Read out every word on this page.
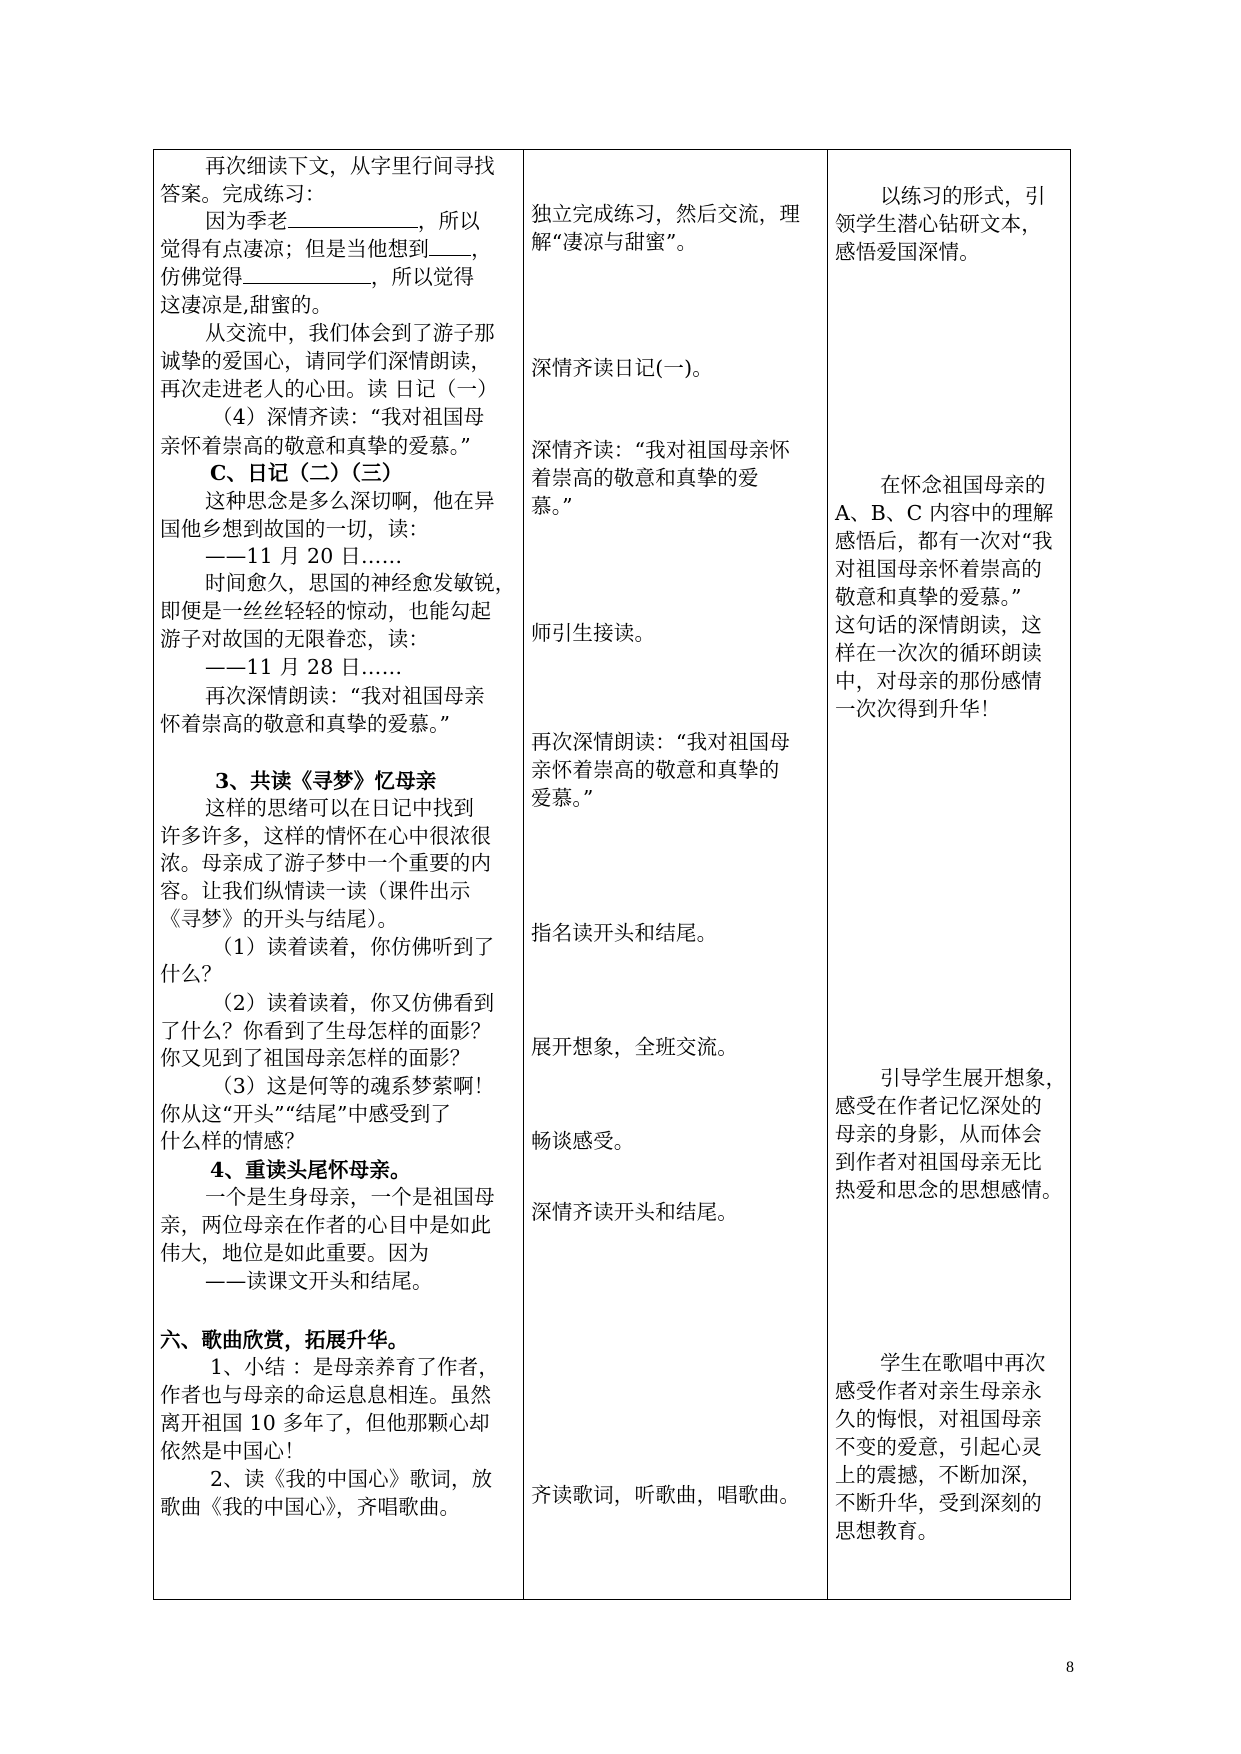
再次细读下文，从字里行间寻找
答案。完成练习：
因为季老	，所以
觉得有点凄凉；但是当他想到 ，
仿佛觉得	，所以觉得
这凄凉是,甜蜜的。
从交流中，我们体会到了游子那
诚挚的爱国心，请同学们深情朗读，
再次走进老人的心田。读 日记（一）
（4）深情齐读：“我对祖国母
亲怀着崇高的敬意和真挚的爱慕。”
C、日记（二）（三）
这种思念是多么深切啊，他在异
国他乡想到故国的一切，读：
——11 月 20 日……
时间愈久，思国的神经愈发敏锐，
即便是一丝丝轻轻的惊动，也能勾起
游子对故国的无限眷恋，读：
——11 月 28 日……
再次深情朗读：“我对祖国母亲
怀着崇高的敬意和真挚的爱慕。”
3、共读《寻梦》忆母亲
这样的思绪可以在日记中找到
许多许多，这样的情怀在心中很浓很
浓。母亲成了游子梦中一个重要的内
容。让我们纵情读一读（课件出示
《寻梦》的开头与结尾）。
（1）读着读着，你仿佛听到了
什么？
（2）读着读着，你又仿佛看到
了什么？你看到了生母怎样的面影？
你又见到了祖国母亲怎样的面影？
（3）这是何等的魂系梦萦啊！
你从这“开头”“结尾”中感受到了
什么样的情感？
4、重读头尾怀母亲。
一个是生身母亲，一个是祖国母
亲，两位母亲在作者的心目中是如此
伟大，地位是如此重要。因为
——读课文开头和结尾。
六、歌曲欣赏，拓展升华。
1、小结 ：是母亲养育了作者，
作者也与母亲的命运息息相连。虽然
离开祖国 10 多年了，但他那颗心却
依然是中国心！
2、读《我的中国心》歌词，放
歌曲《我的中国心》，齐唱歌曲。
独立完成练习，然后交流，理
解“凄凉与甜蜜”。
深情齐读日记(一)。
深情齐读：“我对祖国母亲怀
着崇高的敬意和真挚的爱
慕。”
师引生接读。
再次深情朗读：“我对祖国母
亲怀着崇高的敬意和真挚的
爱慕。”
指名读开头和结尾。
展开想象，全班交流。
畅谈感受。
深情齐读开头和结尾。
齐读歌词，听歌曲，唱歌曲。
以练习的形式，引
领学生潜心钻研文本，
感悟爱国深情。
在怀念祖国母亲的
A、B、C 内容中的理解
感悟后，都有一次对“我
对祖国母亲怀着崇高的
敬意和真挚的爱慕。”
这句话的深情朗读，这
样在一次次的循环朗读
中，对母亲的那份感情
一次次得到升华！
引导学生展开想象，
感受在作者记忆深处的
母亲的身影，从而体会
到作者对祖国母亲无比
热爱和思念的思想感情。
学生在歌唱中再次
感受作者对亲生母亲永
久的悔恨，对祖国母亲
不变的爱意，引起心灵
上的震撼，不断加深，
不断升华，受到深刻的
思想教育。
8
